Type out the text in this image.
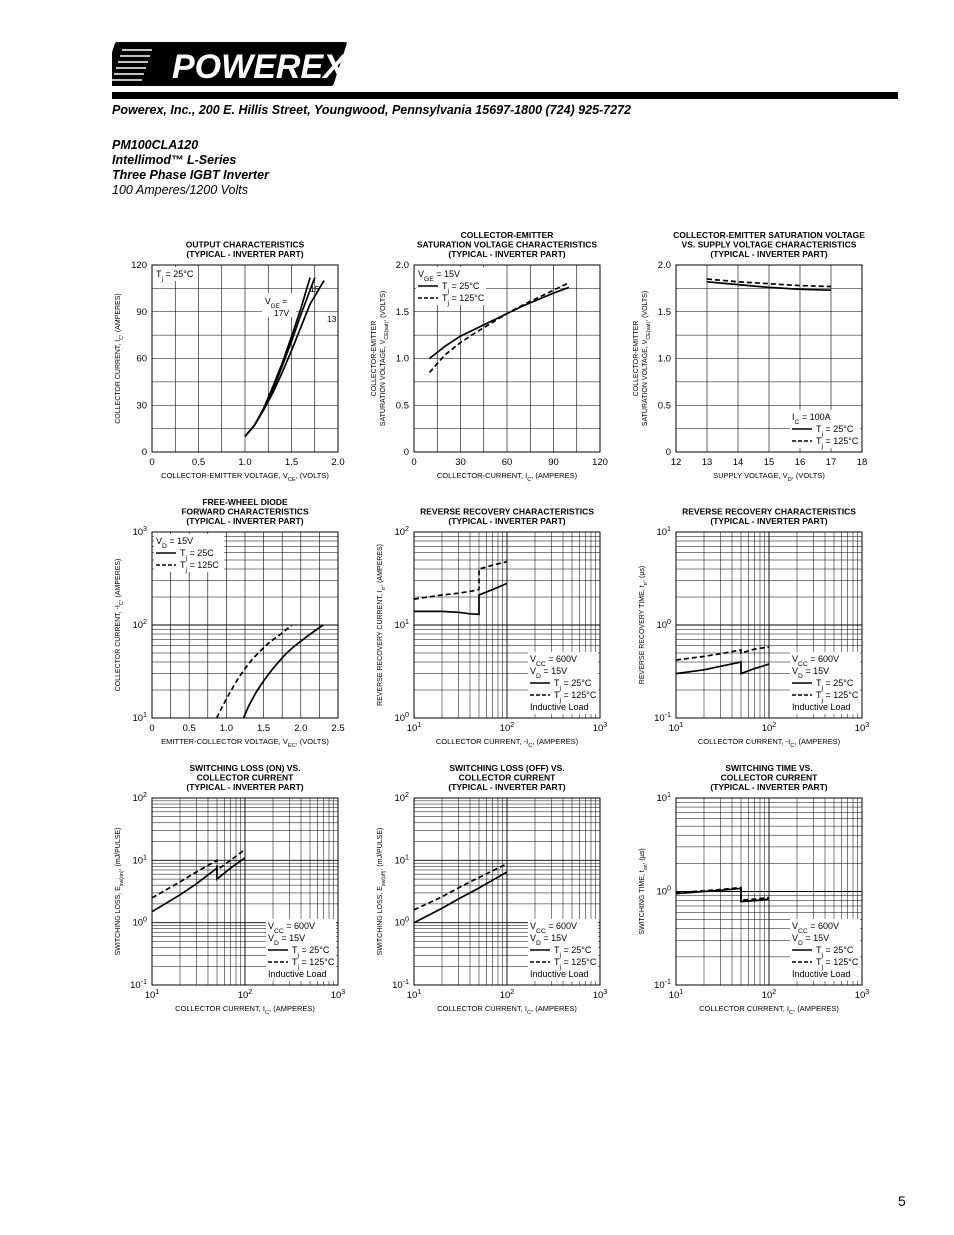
POWEREX
Powerex, Inc., 200 E. Hillis Street, Youngwood, Pennsylvania 15697-1800 (724) 925-7272
PM100CLA120
Intellimod™ L-Series
Three Phase IGBT Inverter
100 Amperes/1200 Volts
OUTPUT CHARACTERISTICS
(TYPICAL - INVERTER PART)
0	0.5	1.0	1.5	2.0
0
30
60
90
120
COLLECTOR-EMITTER VOLTAGE, $V_{CE}$, (VOLTS)
COLLECTOR CURRENT, $I_C$, (AMPERES)
$T_j = 25^\circ C$
$V_{GE}$ =
17V
15
13
COLLECTOR-EMITTER
SATURATION VOLTAGE CHARACTERISTICS
(TYPICAL - INVERTER PART)
0	30	60	90	120
0
0.5
1.0
1.5
2.0
COLLECTOR-CURRENT, $I_C$, (AMPERES)
COLLECTOR-EMITTER SATURATION VOLTAGE, $V_{CE(sat)}$, (VOLTS)
$V_{GE} = 15V$
$T_j = 25^\circ C$
$T_j = 125^\circ C$
COLLECTOR-EMITTER SATURATION VOLTAGE
VS. SUPPLY VOLTAGE CHARACTERISTICS
(TYPICAL - INVERTER PART)
12 13 14 15 16 17 18
0
0.5
1.0
1.5
2.0
SUPPLY VOLTAGE, $V_D$, (VOLTS)
COLLECTOR-EMITTER SATURATION VOLTAGE, $V_{CE(sat)}$, (VOLTS)
$I_C = 100A$
$T_j = 25^\circ C$
$T_j = 125^\circ C$
FREE-WHEEL DIODE
FORWARD CHARACTERISTICS
(TYPICAL - INVERTER PART)
0	0.5	1.0	1.5	2.0	2.5
$10^1$
$10^2$
$10^3$
EMITTER-COLLECTOR VOLTAGE, $V_{EC}$, (VOLTS)
COLLECTOR CURRENT, $-I_C$, (AMPERES)
$V_D = 15V$
$T_j = 25C$
$T_j = 125C$
REVERSE RECOVERY CHARACTERISTICS
(TYPICAL - INVERTER PART)
$10^1$	$10^2$	$10^3$
$10^0$
$10^1$
$10^2$
COLLECTOR CURRENT, $-I_C$, (AMPERES)
REVERSE RECOVERY CURRENT, $I_{rr}$, (AMPERES)
$V_{CC} = 600V$
$V_D = 15V$
$T_j = 25^\circ C$
$T_j = 125^\circ C$
Inductive Load
REVERSE RECOVERY CHARACTERISTICS
(TYPICAL - INVERTER PART)
$10^1$	$10^2$	$10^3$
$10^{-1}$
$10^0$
$10^1$
COLLECTOR CURRENT, $-I_C$, (AMPERES)
REVERSE RECOVERY TIME, $t_{rr}$, (µs)
$V_{CC} = 600V$
$V_D = 15V$
$T_j = 25^\circ C$
$T_j = 125^\circ C$
Inductive Load
SWITCHING LOSS (ON) VS.
COLLECTOR CURRENT
(TYPICAL - INVERTER PART)
$10^1$	$10^2$	$10^3$
$10^{-1}$
$10^0$
$10^1$
$10^2$
COLLECTOR CURRENT, $I_C$, (AMPERES)
SWITCHING LOSS, $E_{sw(on)}$, (mJ/PULSE)
$V_{CC} = 600V$
$V_D = 15V$
$T_j = 25^\circ C$
$T_j = 125^\circ C$
Inductive Load
SWITCHING LOSS (OFF) VS.
COLLECTOR CURRENT
(TYPICAL - INVERTER PART)
$10^1$	$10^2$	$10^3$
$10^{-1}$
$10^0$
$10^1$
$10^2$
COLLECTOR CURRENT, $I_C$, (AMPERES)
SWITCHING LOSS, $E_{sw(off)}$, (mJ/PULSE)
$V_{CC} = 600V$
$V_D = 15V$
$T_j = 25^\circ C$
$T_j = 125^\circ C$
Inductive Load
SWITCHING TIME VS.
COLLECTOR CURRENT
(TYPICAL - INVERTER PART)
$10^1$	$10^2$	$10^3$
$10^{-1}$
$10^0$
$10^1$
COLLECTOR CURRENT, $I_C$, (AMPERES)
SWITCHING TIME, $t_{on}$, (µs)
$V_{CC} = 600V$
$V_D = 15V$
$T_j = 25^\circ C$
$T_j = 125^\circ C$
Inductive Load
5
